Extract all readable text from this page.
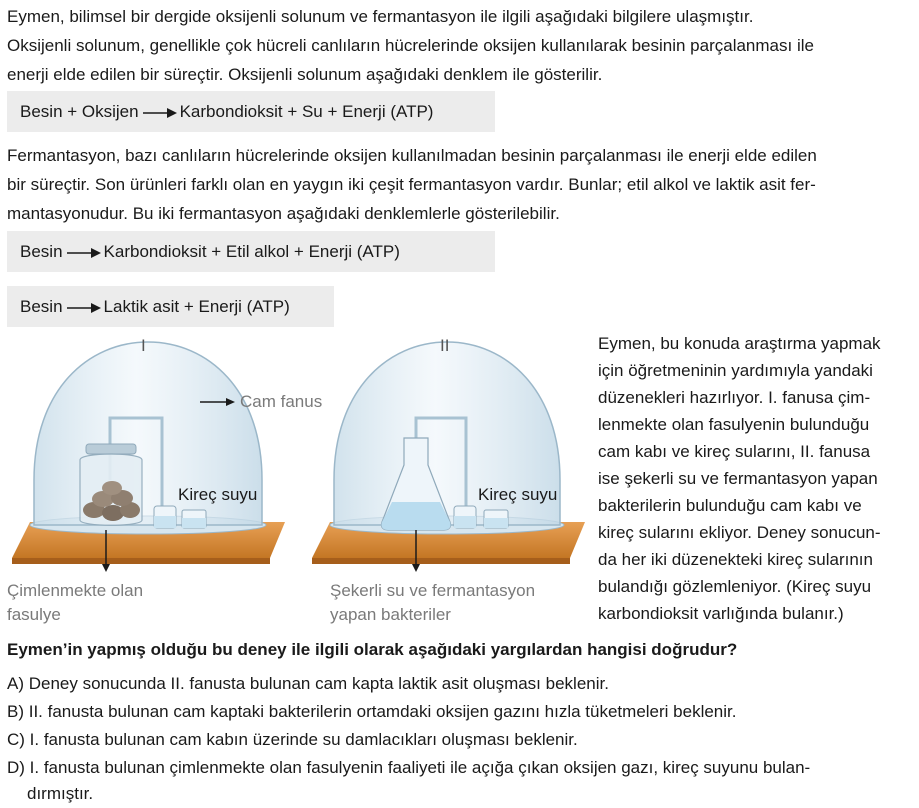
Eymen, bilimsel bir dergide oksijenli solunum ve fermantasyon ile ilgili aşağıdaki bilgilere ulaşmıştır.

Oksijenli solunum, genellikle çok hücreli canlıların hücrelerinde oksijen kullanılarak besinin parçalanması ile

enerji elde edilen bir süreçtir. Oksijenli solunum aşağıdaki denklem ile gösterilir.

Besin + Oksijen Karbondioksit + Su + Enerji (ATP)

Fermantasyon, bazı canlıların hücrelerinde oksijen kullanılmadan besinin parçalanması ile enerji elde edilen

bir süreçtir. Son ürünleri farklı olan en yaygın iki çeşit fermantasyon vardır. Bunlar; etil alkol ve laktik asit fer-

mantasyonudur. Bu iki fermantasyon aşağıdaki denklemlerle gösterilebilir.

Besin Karbondioksit + Etil alkol + Enerji (ATP)
Besin Laktik asit + Enerji (ATP)
I	II
Cam fanus
Kireç suyu	Kireç suyu
Çimlenmekte olan
fasulye
Şekerli su ve fermantasyon
yapan bakteriler
Eymen, bu konuda araştırma yapmak
için öğretmeninin yardımıyla yandaki
düzenekleri hazırlıyor. I. fanusa çim-
lenmekte olan fasulyenin bulunduğu
cam kabı ve kireç sularını, II. fanusa
ise şekerli su ve fermantasyon yapan
bakterilerin bulunduğu cam kabı ve
kireç sularını ekliyor. Deney sonucun-
da her iki düzenekteki kireç sularının
bulandığı gözlemleniyor. (Kireç suyu
karbondioksit varlığında bulanır.)

Eymen’in yapmış olduğu bu deney ile ilgili olarak aşağıdaki yargılardan hangisi doğrudur?

A) Deney sonucunda II. fanusta bulunan cam kapta laktik asit oluşması beklenir.

B) II. fanusta bulunan cam kaptaki bakterilerin ortamdaki oksijen gazını hızla tüketmeleri beklenir.

C) I. fanusta bulunan cam kabın üzerinde su damlacıkları oluşması beklenir.

D) I. fanusta bulunan çimlenmekte olan fasulyenin faaliyeti ile açığa çıkan oksijen gazı, kireç suyunu bulan-

dırmıştır.
